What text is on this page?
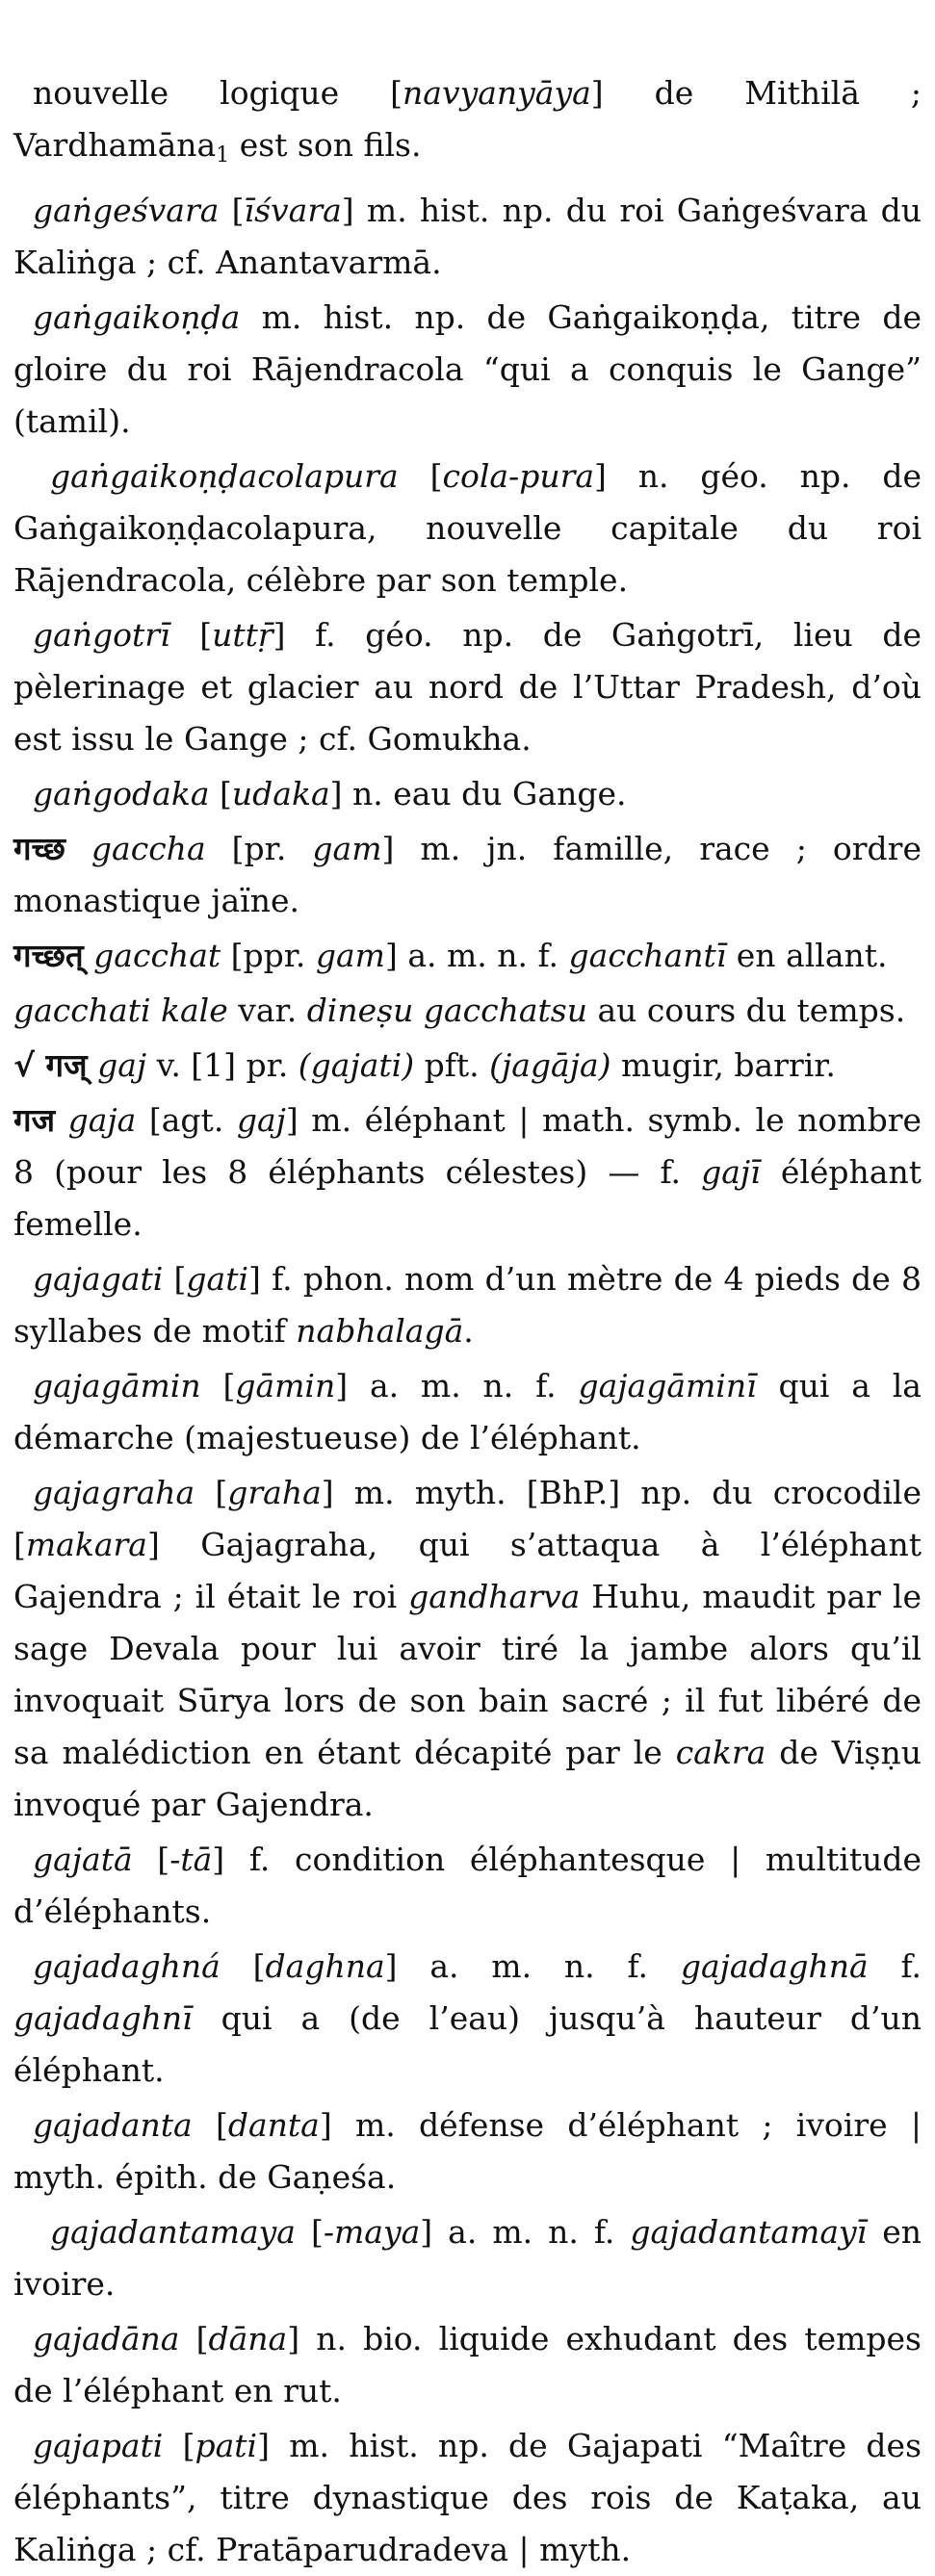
nouvelle logique [navyanyāya] de Mithilā ; Vardhamāna$_1$ est son fils.

gaṅgeśvara [īśvara] m. hist. np. du roi Gaṅgeśvara du Kaliṅga ; cf. Anantavarmā.

gaṅgaikoṇḍa m. hist. np. de Gaṅgaikoṇḍa, titre de gloire du roi Rājendracola “qui a conquis le Gange” (tamil).

gaṅgaikoṇḍacolapura [cola-pura] n. géo. np. de Gaṅgaikoṇḍacolapura, nouvelle capitale du roi Rājendracola, célèbre par son temple.

gaṅgotrī [uttṝ] f. géo. np. de Gaṅgotrī, lieu de pèlerinage et glacier au nord de l’Uttar Pradesh, d’où est issu le Gange ; cf. Gomukha.

gaṅgodaka [udaka] n. eau du Gange.

गच्छ gaccha [pr. gam] m. jn. famille, race ; ordre monastique jaïne.

गच्छत् gacchat [ppr. gam] a. m. n. f. gacchantī en allant.

gacchati kale var. dineṣu gacchatsu au cours du temps.

√ गज् gaj v. [1] pr. (gajati) pft. (jagāja) mugir, barrir.

गज gaja [agt. gaj] m. éléphant | math. symb. le nombre 8 (pour les 8 éléphants célestes) — f. gajī éléphant femelle.

gajagati [gati] f. phon. nom d’un mètre de 4 pieds de 8 syllabes de motif nabhalagā.

gajagāmin [gāmin] a. m. n. f. gajagāminī qui a la démarche (majestueuse) de l’éléphant.

gajagraha [graha] m. myth. [BhP.] np. du crocodile [makara] Gajagraha, qui s’attaqua à l’éléphant Gajendra ; il était le roi gandharva Huhu, maudit par le sage Devala pour lui avoir tiré la jambe alors qu’il invoquait Sūrya lors de son bain sacré ; il fut libéré de sa malédiction en étant décapité par le cakra de Viṣṇu invoqué par Gajendra.

gajatā [-tā] f. condition éléphantesque | multitude d’éléphants.

gajadaghná [daghna] a. m. n. f. gajadaghnā f. gajadaghnī qui a (de l’eau) jusqu’à hauteur d’un éléphant.

gajadanta [danta] m. défense d’éléphant ; ivoire | myth. épith. de Gaṇeśa.

gajadantamaya [-maya] a. m. n. f. gajadantamayī en ivoire.

gajadāna [dāna] n. bio. liquide exhudant des tempes de l’éléphant en rut.

gajapati [pati] m. hist. np. de Gajapati “Maître des éléphants”, titre dynastique des rois de Kaṭaka, au Kaliṅga ; cf. Pratāparudradeva | myth.
